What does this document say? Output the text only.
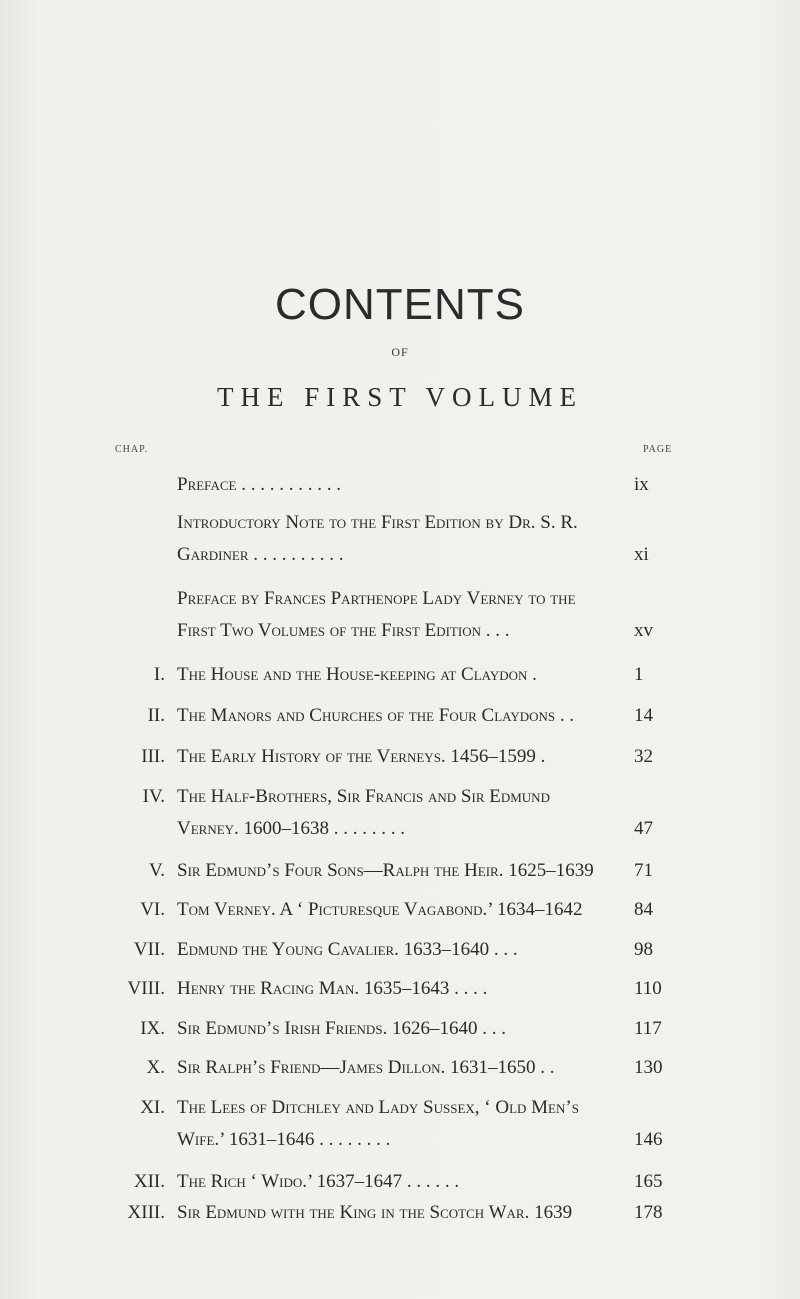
CONTENTS
OF
THE FIRST VOLUME
CHAP.	PAGE
Preface . . . . . . . . . . .	ix
Introductory Note to the First Edition by Dr. S. R.
Gardiner . . . . . . . . . .	xi
Preface by Frances Parthenope Lady Verney to the
First Two Volumes of the First Edition . . .	xv
I. The House and the House-keeping at Claydon .	1
II. The Manors and Churches of the Four Claydons . .	14
III. The Early History of the Verneys. 1456–1599 .	32
IV. The Half-Brothers, Sir Francis and Sir Edmund
Verney. 1600–1638 . . . . . . . .	47
V. Sir Edmund’s Four Sons—Ralph the Heir. 1625–1639	71
VI. Tom Verney. A ‘ Picturesque Vagabond.’ 1634–1642	84
VII. Edmund the Young Cavalier. 1633–1640 . . .	98
VIII. Henry the Racing Man. 1635–1643 . . . .	110
IX. Sir Edmund’s Irish Friends. 1626–1640 . . .	117
X. Sir Ralph’s Friend—James Dillon. 1631–1650 . .	130
XI. The Lees of Ditchley and Lady Sussex, ‘ Old Men’s
Wife.’ 1631–1646 . . . . . . . .	146
XII. The Rich ‘ Wido.’ 1637–1647 . . . . . .	165
XIII. Sir Edmund with the King in the Scotch War. 1639	178
